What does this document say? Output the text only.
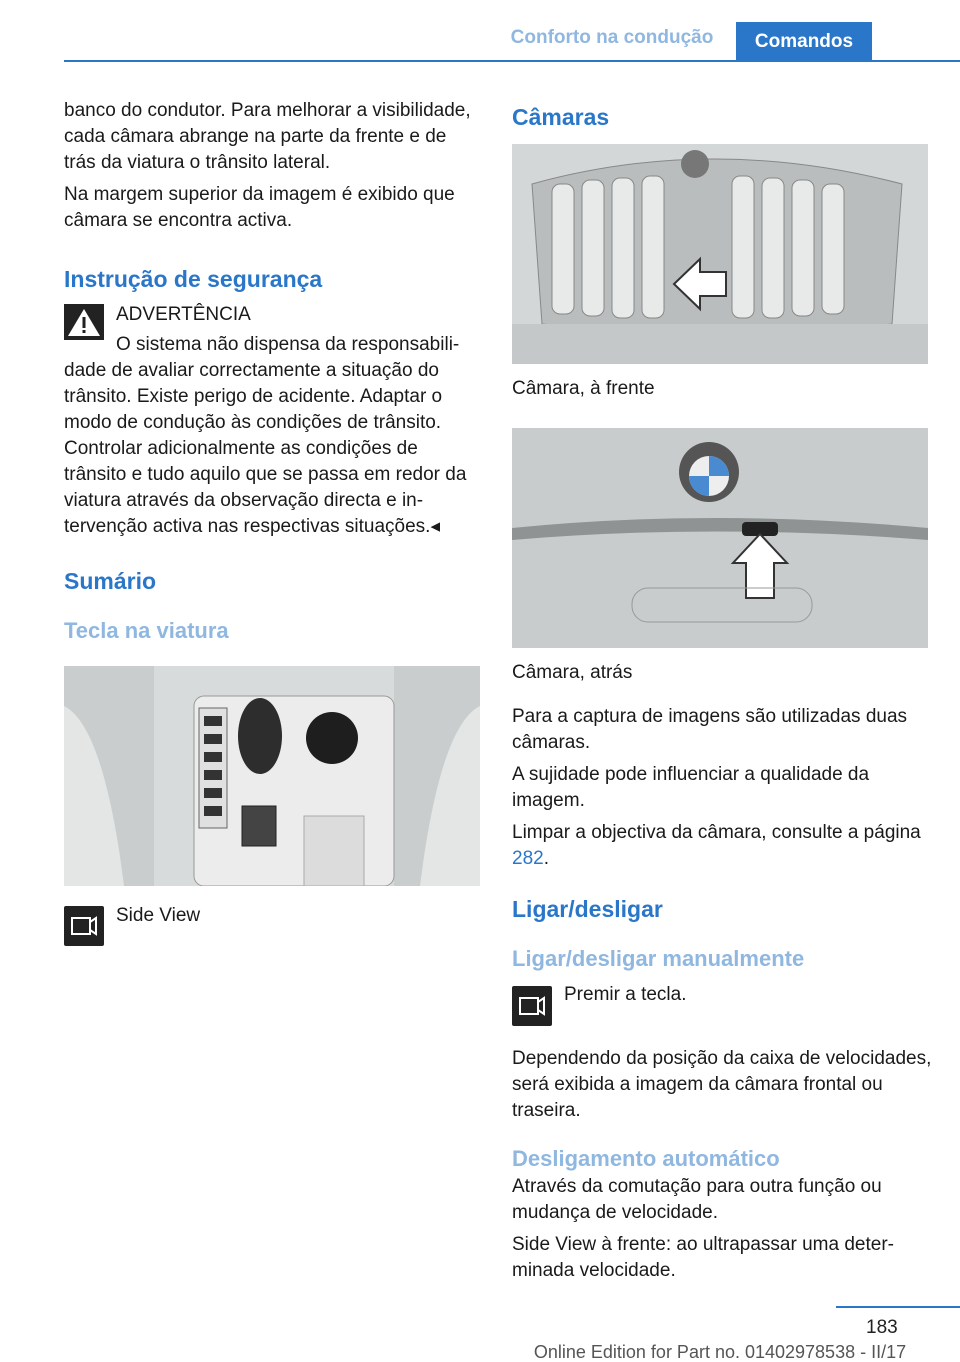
Conforto na condução	Comandos

banco do condutor. Para melhorar a visibilidade, cada câmara abrange na parte da frente e de trás da viatura o trânsito lateral.

Na margem superior da imagem é exibido que câmara se encontra activa.

Instrução de segurança

ADVERTÊNCIA

O sistema não dispensa da responsabilidade de avaliar correctamente a situação do trânsito. Existe perigo de acidente. Adaptar o modo de condução às condições de trânsito. Controlar adicionalmente as condições de trânsito e tudo aquilo que se passa em redor da viatura através da observação directa e intervenção activa nas respectivas situações.◂

Sumário
Tecla na viatura

Side View

Câmaras

Câmara, à frente

Câmara, atrás

Para a captura de imagens são utilizadas duas câmaras.

A sujidade pode influenciar a qualidade da imagem.

Limpar a objectiva da câmara, consulte a página 282.

Ligar/desligar
Ligar/desligar manualmente

Premir a tecla.

Dependendo da posição da caixa de velocidades, será exibida a imagem da câmara frontal ou traseira.

Desligamento automático

Através da comutação para outra função ou mudança de velocidade.

Side View à frente: ao ultrapassar uma determinada velocidade.

183
Online Edition for Part no. 01402978538 - II/17
